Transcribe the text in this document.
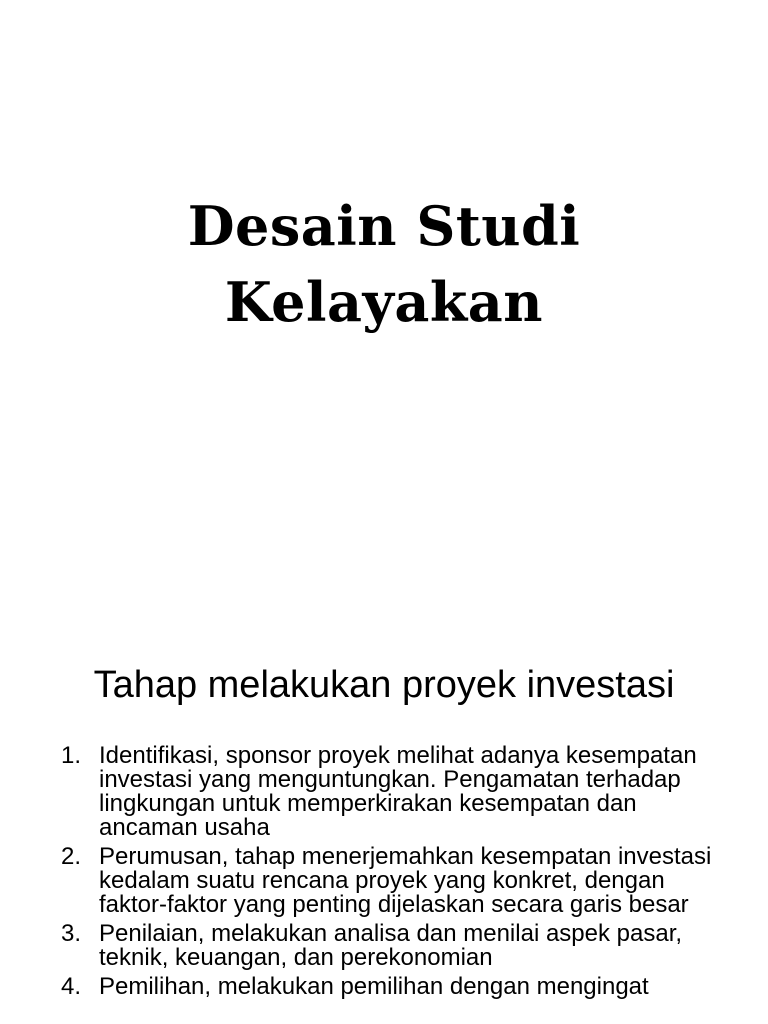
Desain Studi
Kelayakan
Tahap melakukan proyek investasi
1. Identifikasi, sponsor proyek melihat adanya kesempatan investasi yang menguntungkan. Pengamatan terhadap lingkungan untuk memperkirakan kesempatan dan ancaman usaha
2. Perumusan, tahap menerjemahkan kesempatan investasi kedalam suatu rencana proyek yang konkret, dengan faktor-faktor yang penting dijelaskan secara garis besar
3. Penilaian, melakukan analisa dan menilai aspek pasar, teknik, keuangan, dan perekonomian
4. Pemilihan, melakukan pemilihan dengan mengingat
